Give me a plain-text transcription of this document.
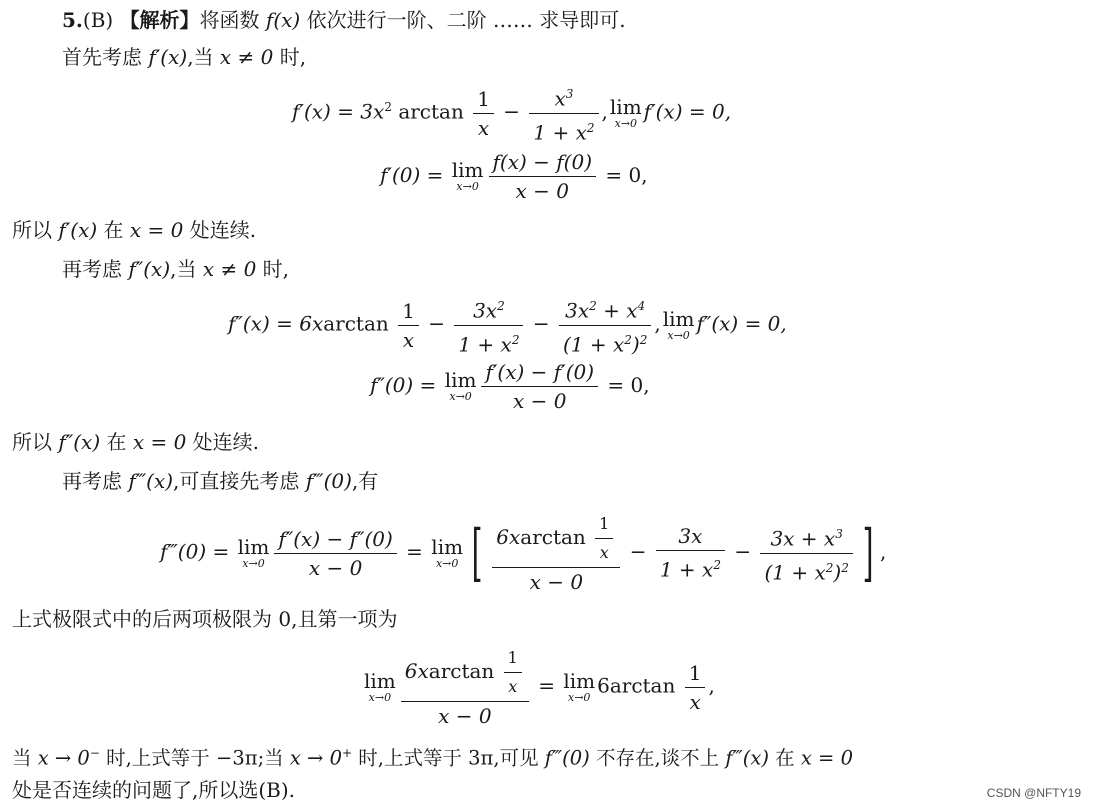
5.(B) 【解析】将函数 f(x) 依次进行一阶、二阶 …… 求导即可.
首先考虑 f′(x),当 x ≠ 0 时,
$f'(x) = 3x^2$ $\arctan \frac{1}{x} - \frac{x^3}{1 + x^2}$ , lim
x→0 f′(x) = 0,
f′(0) = lim
$x\to 0 \frac{f(x) - f(0)}{x - 0} = 0$,
所以 f′(x) 在 x = 0 处连续.
再考虑 f″(x),当 x ≠ 0 时,
$f''(x) = 6xarctan \frac{1}{x} - \frac{3x^2}{1 + x^2} - \frac{3x^2 + x^4}{(1 + x^2)^2}$ , lim
x→0 f″(x) = 0,
f″(0) = lim
$x\to 0 \frac{f'(x) - f'(0)}{x - 0} = 0$,
所以 f″(x) 在 x = 0 处连续.
再考虑 f‴(x),可直接先考虑 f‴(0),有
f‴(0) = lim
$x\to 0 \frac{f''(x) - f''(0)}{x - 0} = \lim$
x→0 [ $\frac{6xarctan \frac{1}{x}}{x - 0} - \frac{3x}{1 + x^2} - \frac{3x + x^3}{(1 + x^2)^2}$ ] ,
上式极限式中的后两项极限为 0,且第一项为
lim
$x\to 0 \frac{6xarctan \frac{1}{x}}{x - 0} = \lim$
x→0 $6\arctan \frac{1}{x}$ ,
当 x → 0− 时,上式等于 −3π;当 x → 0+ 时,上式等于 3π,可见 f‴(0) 不存在,谈不上 f‴(x) 在 x = 0
处是否连续的问题了,所以选(B).	CSDN @NFTY19
